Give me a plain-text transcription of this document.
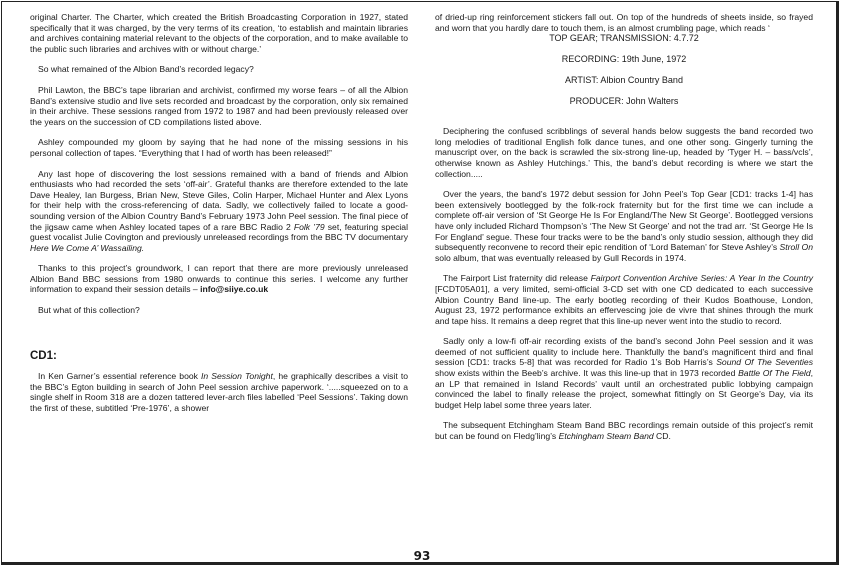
original Charter. The Charter, which created the British Broadcasting Corporation in 1927, stated specifically that it was charged, by the very terms of its creation, ‘to establish and maintain libraries and archives containing material relevant to the objects of the corporation, and to make available to the public such libraries and archives with or without charge.’

So what remained of the Albion Band’s recorded legacy?

Phil Lawton, the BBC’s tape librarian and archivist, confirmed my worse fears – of all the Albion Band’s extensive studio and live sets recorded and broadcast by the corporation, only six remained in their archive. These sessions ranged from 1972 to 1987 and had been previously released over the years on the succession of CD compilations listed above.

Ashley compounded my gloom by saying that he had none of the missing sessions in his personal collection of tapes. “Everything that I had of worth has been released!”

Any last hope of discovering the lost sessions remained with a band of friends and Albion enthusiasts who had recorded the sets ‘off-air’. Grateful thanks are therefore extended to the late Dave Healey, Ian Burgess, Brian New, Steve Giles, Colin Harper, Michael Hunter and Alex Lyons for their help with the cross-referencing of data. Sadly, we collectively failed to locate a good-sounding version of the Albion Country Band’s February 1973 John Peel session. The final piece of the jigsaw came when Ashley located tapes of a rare BBC Radio 2 Folk ’79 set, featuring special guest vocalist Julie Covington and previously unreleased recordings from the BBC TV documentary Here We Come A’ Wassailing.

Thanks to this project’s groundwork, I can report that there are more previously unreleased Albion Band BBC sessions from 1980 onwards to continue this series. I welcome any further information to expand their session details – info@siiye.co.uk

But what of this collection?

CD1:

In Ken Garner’s essential reference book In Session Tonight, he graphically describes a visit to the BBC’s Egton building in search of John Peel session archive paperwork. ‘.....squeezed on to a single shelf in Room 318 are a dozen tattered lever-arch files labelled ‘Peel Sessions’. Taking down the first of these, subtitled ‘Pre-1976’, a shower

of dried-up ring reinforcement stickers fall out. On top of the hundreds of sheets inside, so frayed and worn that you hardly dare to touch them, is an almost crumbling page, which reads ‘

TOP GEAR; TRANSMISSION: 4.7.72

RECORDING: 19th June, 1972

ARTIST: Albion Country Band

PRODUCER: John Walters

Deciphering the confused scribblings of several hands below suggests the band recorded two long melodies of traditional English folk dance tunes, and one other song. Gingerly turning the manuscript over, on the back is scrawled the six-strong line-up, headed by ‘Tyger H. – bass/vcls’, otherwise known as Ashley Hutchings.’ This, the band’s debut recording is where we start the collection.....

Over the years, the band’s 1972 debut session for John Peel’s Top Gear [CD1: tracks 1-4] has been extensively bootlegged by the folk-rock fraternity but for the first time we can include a complete off-air version of ‘St George He Is For England/The New St George’. Bootlegged versions have only included Richard Thompson’s ‘The New St George’ and not the trad arr. ‘St George He Is For England’ segue. These four tracks were to be the band’s only studio session, although they did subsequently reconvene to record their epic rendition of ‘Lord Bateman’ for Steve Ashley’s Stroll On solo album, that was eventually released by Gull Records in 1974.

The Fairport List fraternity did release Fairport Convention Archive Series: A Year In the Country [FCDT05A01], a very limited, semi-official 3-CD set with one CD dedicated to each successive Albion Country Band line-up. The early bootleg recording of their Kudos Boathouse, London, August 23, 1972 performance exhibits an effervescing joie de vivre that shines through the murk and tape hiss. It remains a deep regret that this line-up never went into the studio to record.

Sadly only a low-fi off-air recording exists of the band’s second John Peel session and it was deemed of not sufficient quality to include here. Thankfully the band’s magnificent third and final session [CD1: tracks 5-8] that was recorded for Radio 1’s Bob Harris’s Sound Of The Seventies show exists within the Beeb’s archive. It was this line-up that in 1973 recorded Battle Of The Field, an LP that remained in Island Records’ vault until an orchestrated public lobbying campaign convinced the label to finally release the project, somewhat fittingly on St George’s Day, via its budget Help label some three years later.

The subsequent Etchingham Steam Band BBC recordings remain outside of this project’s remit but can be found on Fledg’ling’s Etchingham Steam Band CD.

93
